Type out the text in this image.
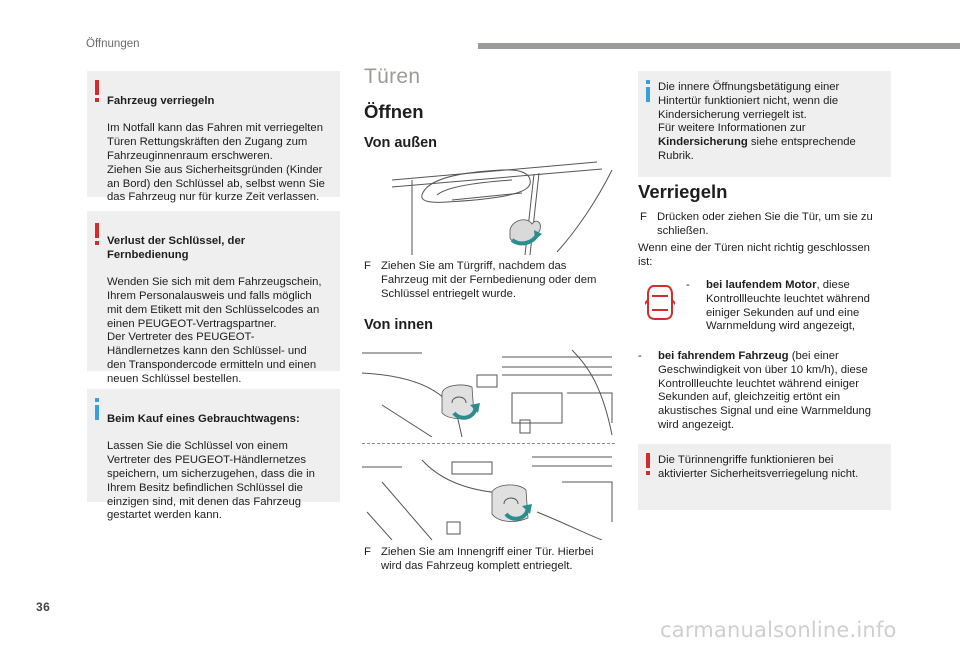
Öffnungen

Fahrzeug verriegeln

Im Notfall kann das Fahren mit verriegelten
Türen Rettungskräften den Zugang zum
Fahrzeuginnenraum erschweren.
Ziehen Sie aus Sicherheitsgründen (Kinder
an Bord) den Schlüssel ab, selbst wenn Sie
das Fahrzeug nur für kurze Zeit verlassen.

Verlust der Schlüssel, der
Fernbedienung

Wenden Sie sich mit dem Fahrzeugschein,
Ihrem Personalausweis und falls möglich
mit dem Etikett mit den Schlüsselcodes an
einen PEUGEOT-Vertragspartner.
Der Vertreter des PEUGEOT-
Händlernetzes kann den Schlüssel- und
den Transpondercode ermitteln und einen
neuen Schlüssel bestellen.

Beim Kauf eines Gebrauchtwagens:

Lassen Sie die Schlüssel von einem
Vertreter des PEUGEOT-Händlernetzes
speichern, um sicherzugehen, dass die in
Ihrem Besitz befindlichen Schlüssel die
einzigen sind, mit denen das Fahrzeug
gestartet werden kann.

Türen
Öffnen
Von außen
F Ziehen Sie am Türgriff, nachdem das
Fahrzeug mit der Fernbedienung oder dem
Schlüssel entriegelt wurde.
Von innen
F Ziehen Sie am Innengriff einer Tür. Hierbei
wird das Fahrzeug komplett entriegelt.
Die innere Öffnungsbetätigung einer
Hintertür funktioniert nicht, wenn die
Kindersicherung verriegelt ist.
Für weitere Informationen zur
Kindersicherung siehe entsprechende
Rubrik.
Verriegeln
F Drücken oder ziehen Sie die Tür, um sie zu
schließen.
Wenn eine der Türen nicht richtig geschlossen
ist:
- bei laufendem Motor, diese
Kontrollleuchte leuchtet während
einiger Sekunden auf und eine
Warnmeldung wird angezeigt,
- bei fahrendem Fahrzeug (bei einer
Geschwindigkeit von über 10 km/h), diese
Kontrollleuchte leuchtet während einiger
Sekunden auf, gleichzeitig ertönt ein
akustisches Signal und eine Warnmeldung
wird angezeigt.
Die Türinnengriffe funktionieren bei
aktivierter Sicherheitsverriegelung nicht.
36
carmanualsonline.info
